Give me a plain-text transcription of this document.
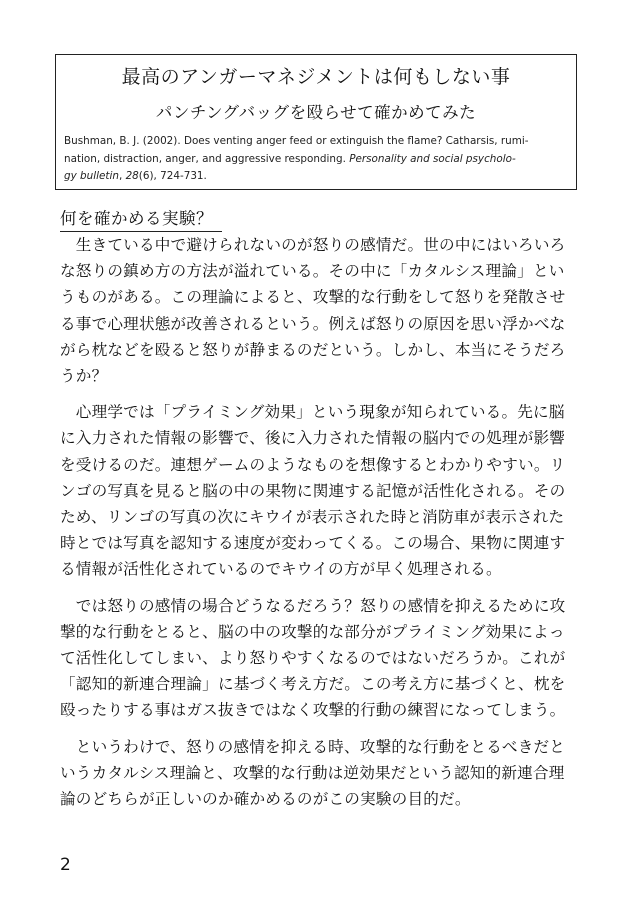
最高のアンガーマネジメントは何もしない事
パンチングバッグを殴らせて確かめてみた
Bushman, B. J. (2002). Does venting anger feed or extinguish the flame? Catharsis, rumi-
nation, distraction, anger, and aggressive responding. Personality and social psycholo-
gy bulletin, 28(6), 724-731.
何を確かめる実験？

　生きている中で避けられないのが怒りの感情だ。世の中にはいろいろ
な怒りの鎮め方の方法が溢れている。その中に「カタルシス理論」とい
うものがある。この理論によると、攻撃的な行動をして怒りを発散させ
る事で心理状態が改善されるという。例えば怒りの原因を思い浮かべな
がら枕などを殴ると怒りが静まるのだという。しかし、本当にそうだろ
うか？

　心理学では「プライミング効果」という現象が知られている。先に脳
に入力された情報の影響で、後に入力された情報の脳内での処理が影響
を受けるのだ。連想ゲームのようなものを想像するとわかりやすい。リ
ンゴの写真を見ると脳の中の果物に関連する記憶が活性化される。その
ため、リンゴの写真の次にキウイが表示された時と消防車が表示された
時とでは写真を認知する速度が変わってくる。この場合、果物に関連す
る情報が活性化されているのでキウイの方が早く処理される。

　では怒りの感情の場合どうなるだろう？怒りの感情を抑えるために攻
撃的な行動をとると、脳の中の攻撃的な部分がプライミング効果によっ
て活性化してしまい、より怒りやすくなるのではないだろうか。これが
「認知的新連合理論」に基づく考え方だ。この考え方に基づくと、枕を
殴ったりする事はガス抜きではなく攻撃的行動の練習になってしまう。

　というわけで、怒りの感情を抑える時、攻撃的な行動をとるべきだと
いうカタルシス理論と、攻撃的な行動は逆効果だという認知的新連合理
論のどちらが正しいのか確かめるのがこの実験の目的だ。

2
